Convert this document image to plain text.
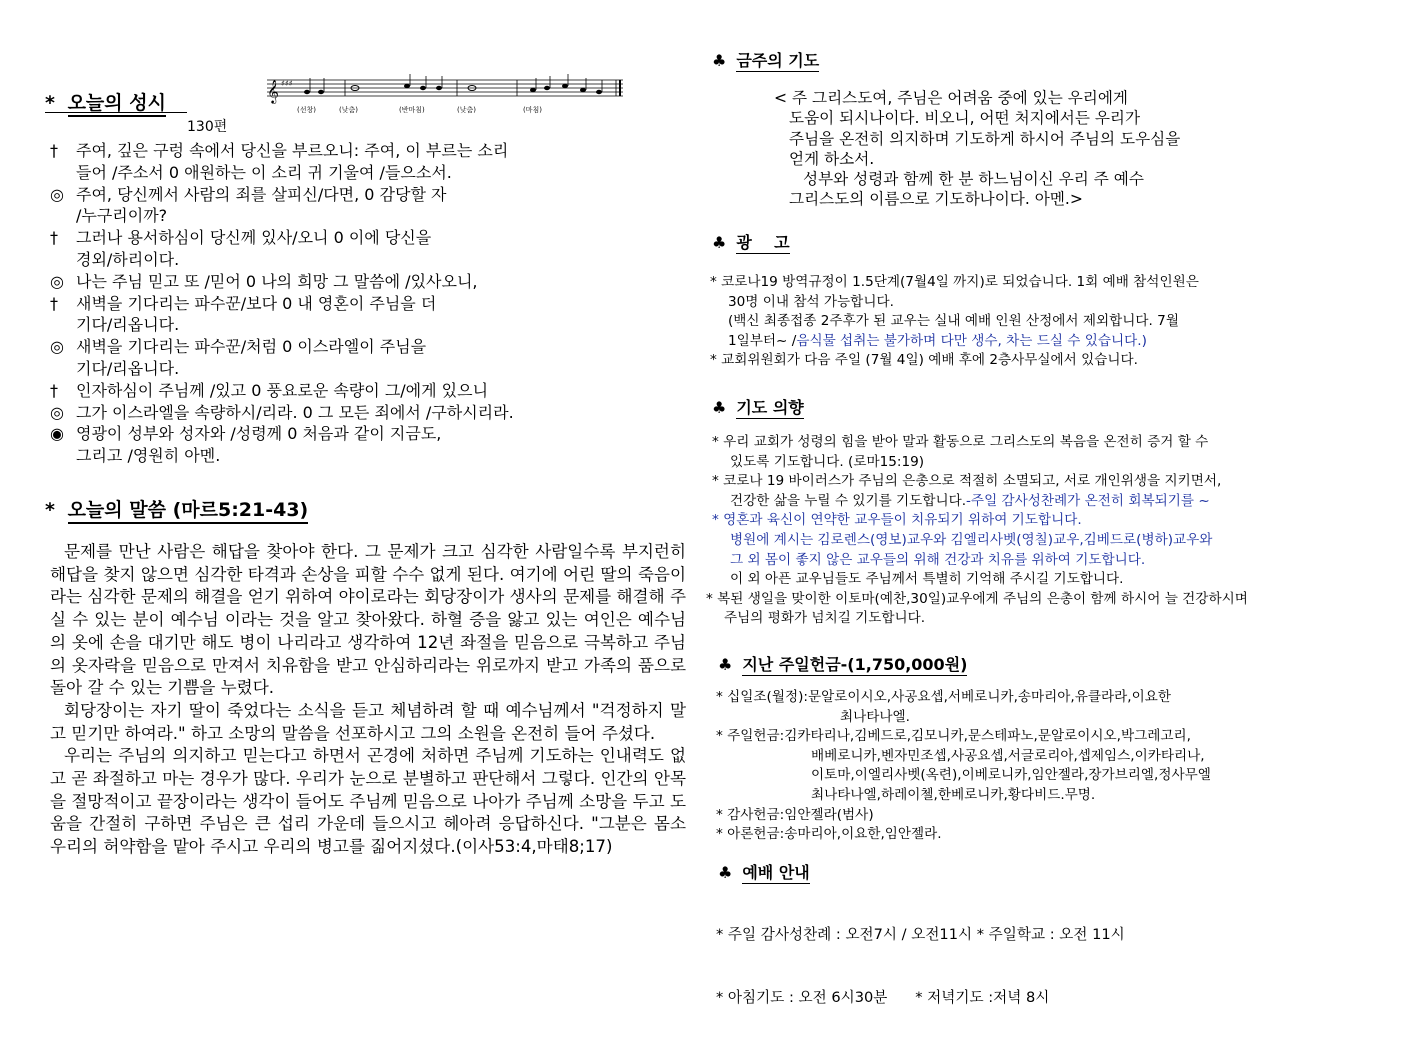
* 오늘의 성시
130편
𝄞 ♯♯♯
(선창)	(낮춤)	(반마침)	(낮춤)	(마침)
† 주여, 깊은 구렁 속에서 당신을 부르오니: 주여, 이 부르는 소리
들어 /주소서 0 애원하는 이 소리 귀 기울여 /들으소서.
◎ 주여, 당신께서 사람의 죄를 살피신/다면, 0 감당할 자
/누구리이까?
† 그러나 용서하심이 당신께 있사/오니 0 이에 당신을
경외/하리이다.
◎ 나는 주님 믿고 또 /믿어 0 나의 희망 그 말씀에 /있사오니,
† 새벽을 기다리는 파수꾼/보다 0 내 영혼이 주님을 더
기다/리옵니다.
◎ 새벽을 기다리는 파수꾼/처럼 0 이스라엘이 주님을
기다/리옵니다.
† 인자하심이 주님께 /있고 0 풍요로운 속량이 그/에게 있으니
◎ 그가 이스라엘을 속량하시/리라. 0 그 모든 죄에서 /구하시리라.
◉ 영광이 성부와 성자와 /성령께 0 처음과 같이 지금도,
그리고 /영원히 아멘.
* 오늘의 말씀 (마르5:21-43)

문제를 만난 사람은 해답을 찾아야 한다. 그 문제가 크고 심각한 사람일수록 부지런히 해답을 찾지 않으면 심각한 타격과 손상을 피할 수수 없게 된다. 여기에 어린 딸의 죽음이라는 심각한 문제의 해결을 얻기 위하여 야이로라는 회당장이가 생사의 문제를 해결해 주실 수 있는 분이 예수님 이라는 것을 알고 찾아왔다. 하혈 증을 앓고 있는 여인은 예수님의 옷에 손을 대기만 해도 병이 나리라고 생각하여 12년 좌절을 믿음으로 극복하고 주님의 옷자락을 믿음으로 만져서 치유함을 받고 안심하리라는 위로까지 받고 가족의 품으로 돌아 갈 수 있는 기쁨을 누렸다.

회당장이는 자기 딸이 죽었다는 소식을 듣고 체념하려 할 때 예수님께서 "걱정하지 말고 믿기만 하여라." 하고 소망의 말씀을 선포하시고 그의 소원을 온전히 들어 주셨다.

우리는 주님의 의지하고 믿는다고 하면서 곤경에 처하면 주님께 기도하는 인내력도 없고 곧 좌절하고 마는 경우가 많다. 우리가 눈으로 분별하고 판단해서 그렇다. 인간의 안목을 절망적이고 끝장이라는 생각이 들어도 주님께 믿음으로 나아가 주님께 소망을 두고 도움을 간절히 구하면 주님은 큰 섭리 가운데 들으시고 헤아려 응답하신다. "그분은 몸소 우리의 허약함을 맡아 주시고 우리의 병고를 짊어지셨다.(이사53:4,마태8;17)

♣ 금주의 기도
< 주 그리스도여, 주님은 어려움 중에 있는 우리에게
도움이 되시나이다. 비오니, 어떤 처지에서든 우리가
주님을 온전히 의지하며 기도하게 하시어 주님의 도우심을
얻게 하소서.
성부와 성령과 함께 한 분 하느님이신 우리 주 예수
그리스도의 이름으로 기도하나이다. 아멘.>
♣ 광    고
* 코로나19 방역규정이 1.5단계(7월4일 까지)로 되었습니다. 1회 예배 참석인원은
30명 이내 참석 가능합니다.
(백신 최종접종 2주후가 된 교우는 실내 예배 인원 산정에서 제외합니다. 7월
1일부터~ /음식물 섭취는 불가하며 다만 생수, 차는 드실 수 있습니다.)
* 교회위원회가 다음 주일 (7월 4일) 예배 후에 2층사무실에서 있습니다.
♣ 기도 의향
* 우리 교회가 성령의 힘을 받아 말과 활동으로 그리스도의 복음을 온전히 증거 할 수
있도록 기도합니다. (로마15:19)
* 코로나 19 바이러스가 주님의 은총으로 적절히 소멸되고, 서로 개인위생을 지키면서,
건강한 삶을 누릴 수 있기를 기도합니다.-주일 감사성찬례가 온전히 회복되기를 ~
* 영혼과 육신이 연약한 교우들이 치유되기 위하여 기도합니다.
병원에 계시는 김로렌스(영보)교우와 김엘리사벳(영칠)교우,김베드로(병하)교우와
그 외 몸이 좋지 않은 교우들의 위해 건강과 치유를 위하여 기도합니다.
이 외 아픈 교우님들도 주님께서 특별히 기억해 주시길 기도합니다.
* 복된 생일을 맞이한 이토마(예찬,30일)교우에게 주님의 은총이 함께 하시어 늘 건강하시며
주님의 평화가 넘치길 기도합니다.
♣ 지난 주일헌금-(1,750,000원)
* 십일조(월정):문알로이시오,사공요셉,서베로니카,송마리아,유클라라,이요한
최나타나엘.
* 주일헌금:김카타리나,김베드로,김모니카,문스테파노,문알로이시오,박그레고리,
배베로니카,벤자민조셉,사공요셉,서글로리아,셉제임스,이카타리나,
이토마,이엘리사벳(옥련),이베로니카,임안젤라,장가브리엘,정사무엘
최나타나엘,하레이첼,한베로니카,황다비드.무명.
* 감사헌금:임안젤라(범사)
* 아론헌금:송마리아,이요한,임안젤라.
♣ 예배 안내

* 주일 감사성찬례 : 오전7시 / 오전11시 * 주일학교 : 오전 11시

* 아침기도 : 오전 6시30분      * 저녁기도 :저녁 8시
